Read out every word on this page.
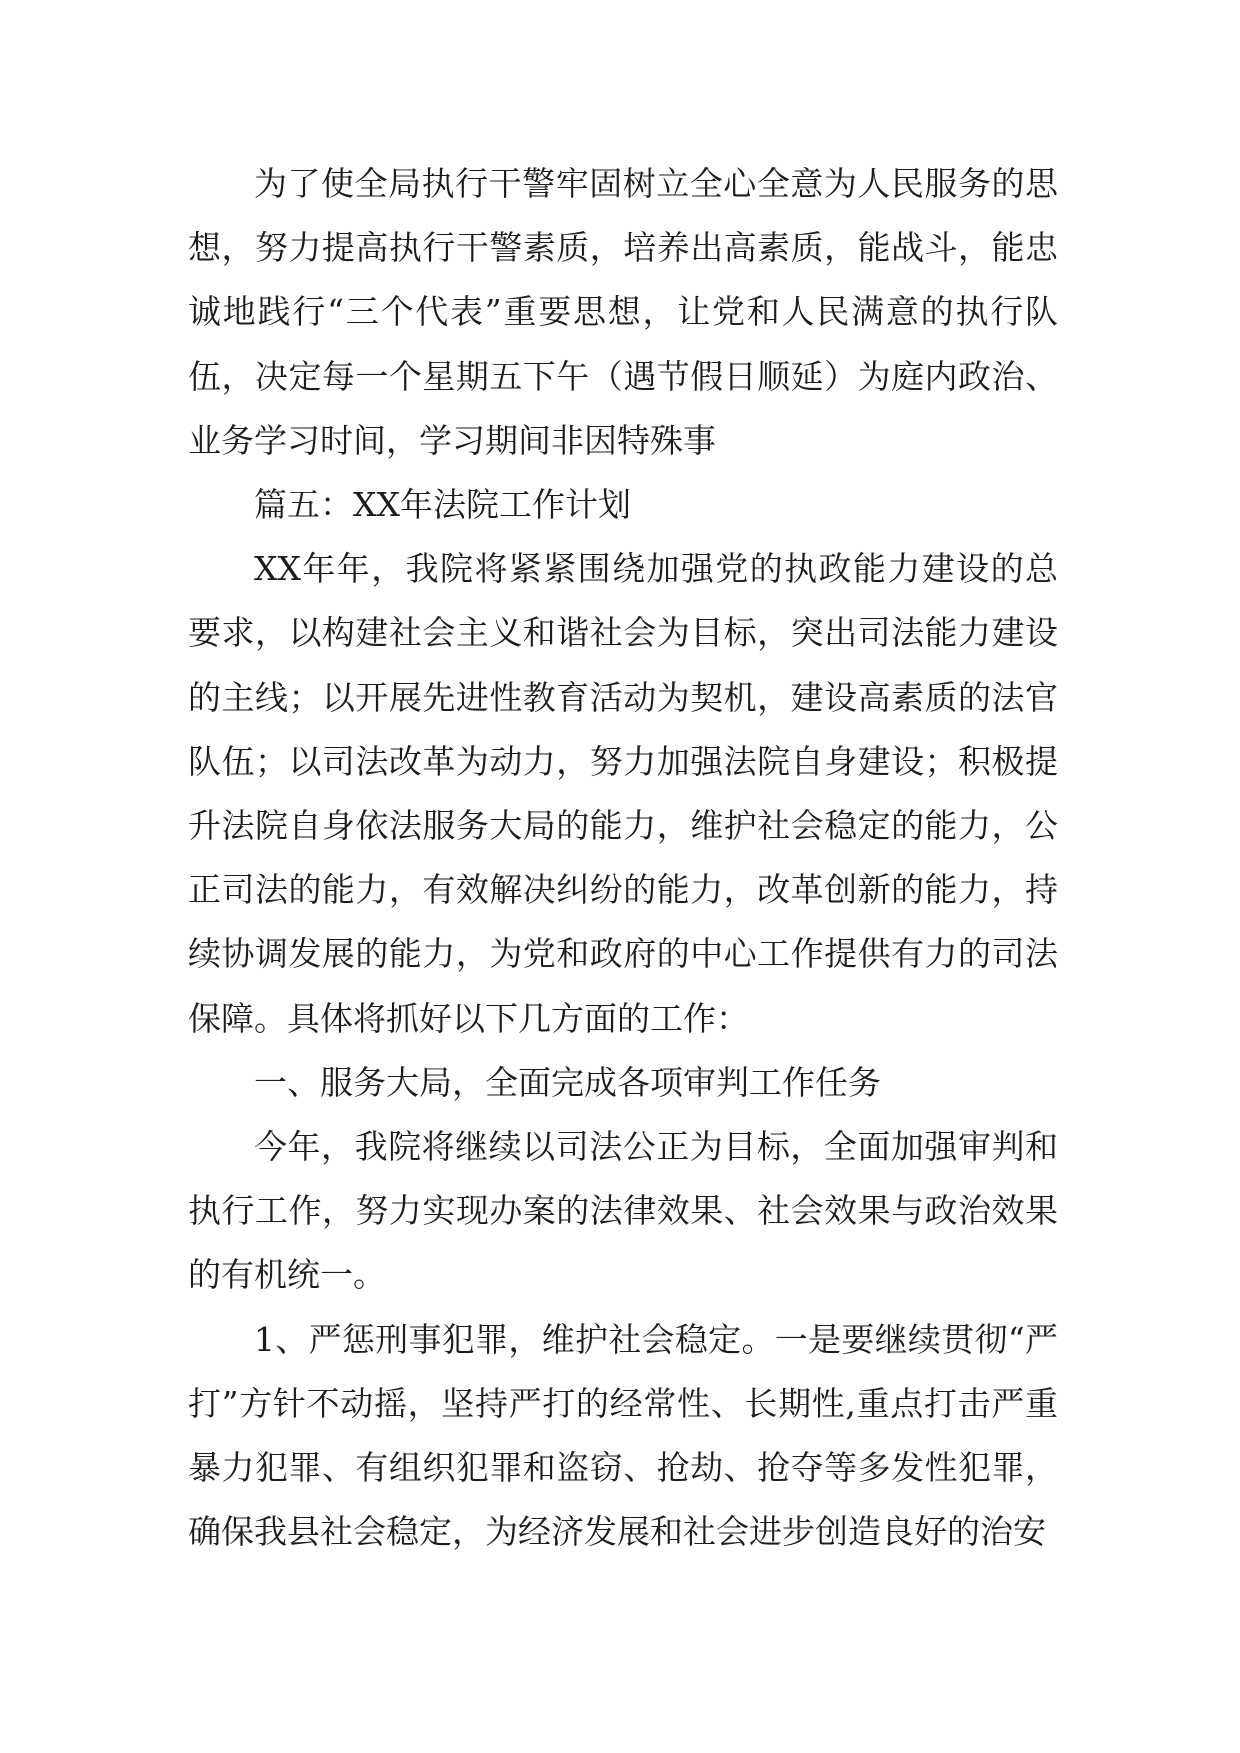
为了使全局执行干警牢固树立全心全意为人民服务的思想，努力提高执行干警素质，培养出高素质，能战斗，能忠诚地践行“三个代表”重要思想，让党和人民满意的执行队伍，决定每一个星期五下午（遇节假日顺延）为庭内政治、业务学习时间，学习期间非因特殊事

篇五：XX年法院工作计划

XX年年，我院将紧紧围绕加强党的执政能力建设的总要求，以构建社会主义和谐社会为目标，突出司法能力建设的主线；以开展先进性教育活动为契机，建设高素质的法官队伍；以司法改革为动力，努力加强法院自身建设；积极提升法院自身依法服务大局的能力，维护社会稳定的能力，公正司法的能力，有效解决纠纷的能力，改革创新的能力，持续协调发展的能力，为党和政府的中心工作提供有力的司法保障。具体将抓好以下几方面的工作：

一、服务大局，全面完成各项审判工作任务

今年，我院将继续以司法公正为目标，全面加强审判和执行工作，努力实现办案的法律效果、社会效果与政治效果的有机统一。

1、严惩刑事犯罪，维护社会稳定。一是要继续贯彻“严打”方针不动摇，坚持严打的经常性、长期性,重点打击严重暴力犯罪、有组织犯罪和盗窃、抢劫、抢夺等多发性犯罪，确保我县社会稳定，为经济发展和社会进步创造良好的治安
